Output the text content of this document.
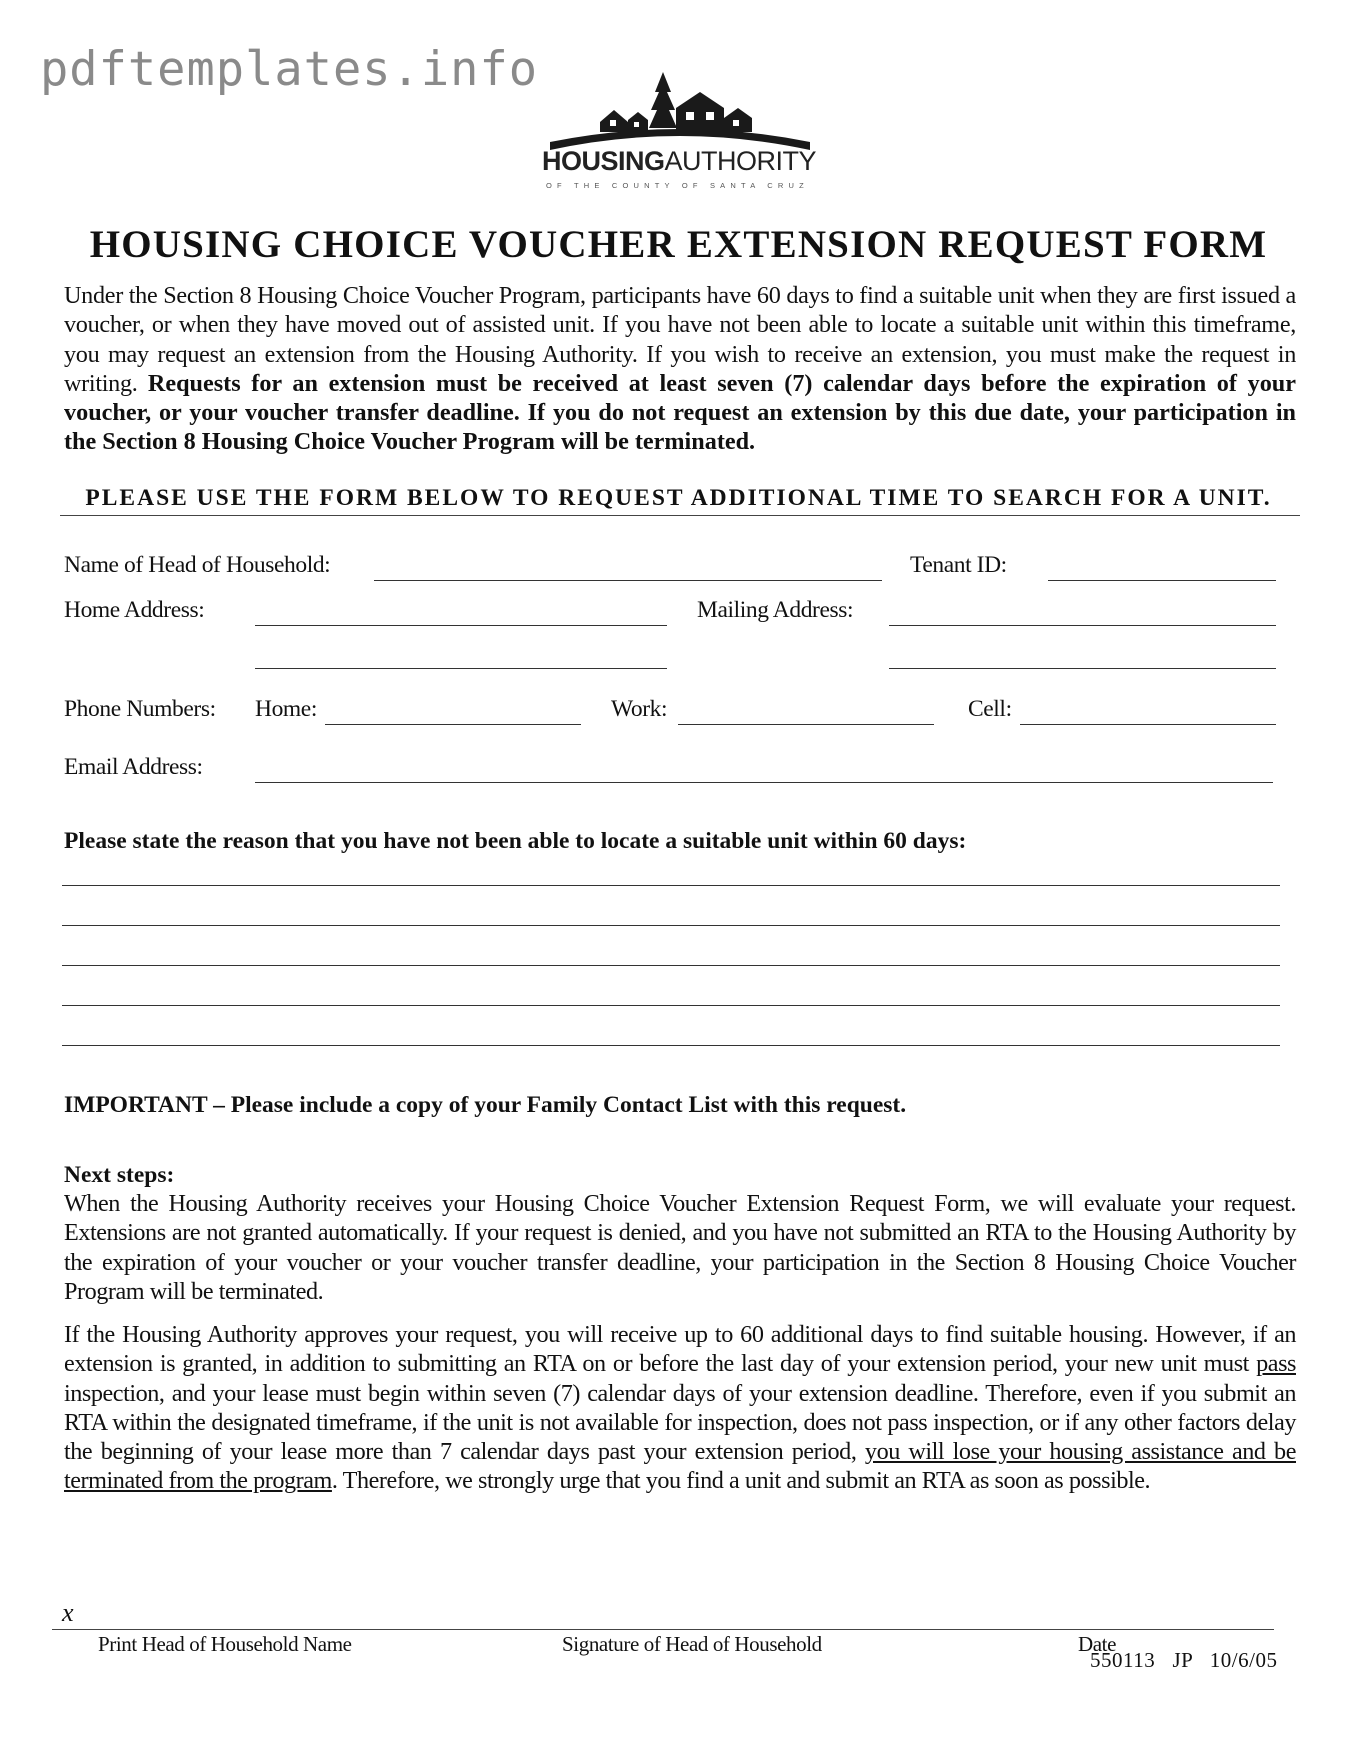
pdftemplates.info
HOUSINGAUTHORITY
OF THE COUNTY OF SANTA CRUZ
HOUSING CHOICE VOUCHER EXTENSION REQUEST FORM
Under the Section 8 Housing Choice Voucher Program, participants have 60 days to find a suitable unit when they are first issued a voucher, or when they have moved out of assisted unit. If you have not been able to locate a suitable unit within this timeframe, you may request an extension from the Housing Authority. If you wish to receive an extension, you must make the request in writing. Requests for an extension must be received at least seven (7) calendar days before the expiration of your voucher, or your voucher transfer deadline. If you do not request an extension by this due date, your participation in the Section 8 Housing Choice Voucher Program will be terminated.
PLEASE USE THE FORM BELOW TO REQUEST ADDITIONAL TIME TO SEARCH FOR A UNIT.
Name of Head of Household:	Tenant ID:
Home Address:	Mailing Address:
Phone Numbers: Home:	Work:	Cell:
Email Address:
Please state the reason that you have not been able to locate a suitable unit within 60 days:
IMPORTANT – Please include a copy of your Family Contact List with this request.
Next steps:
When the Housing Authority receives your Housing Choice Voucher Extension Request Form, we will evaluate your request. Extensions are not granted automatically. If your request is denied, and you have not submitted an RTA to the Housing Authority by the expiration of your voucher or your voucher transfer deadline, your participation in the Section 8 Housing Choice Voucher Program will be terminated.
If the Housing Authority approves your request, you will receive up to 60 additional days to find suitable housing. However, if an extension is granted, in addition to submitting an RTA on or before the last day of your extension period, your new unit must pass inspection, and your lease must begin within seven (7) calendar days of your extension deadline. Therefore, even if you submit an RTA within the designated timeframe, if the unit is not available for inspection, does not pass inspection, or if any other factors delay the beginning of your lease more than 7 calendar days past your extension period, you will lose your housing assistance and be terminated from the program. Therefore, we strongly urge that you find a unit and submit an RTA as soon as possible.
x
Print Head of Household Name	Signature of Head of Household	Date
550113   JP   10/6/05
